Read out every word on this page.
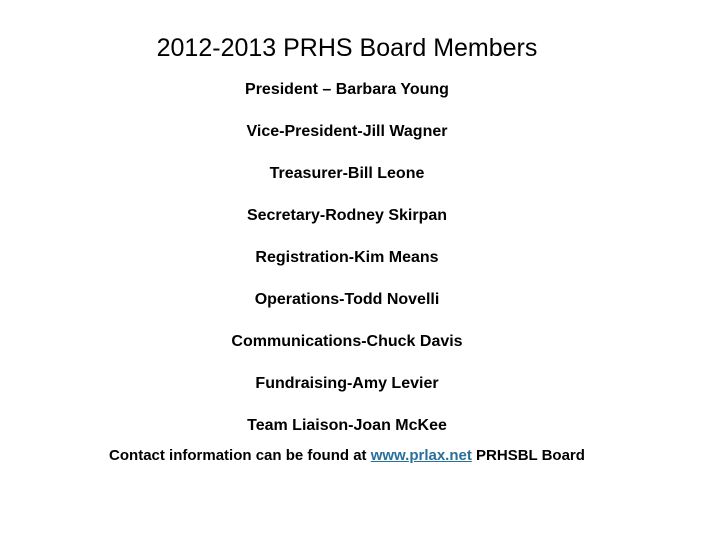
2012-2013 PRHS Board Members
President – Barbara Young
Vice-President-Jill Wagner
Treasurer-Bill Leone
Secretary-Rodney Skirpan
Registration-Kim Means
Operations-Todd Novelli
Communications-Chuck Davis
Fundraising-Amy Levier
Team Liaison-Joan McKee
Contact information can be found at www.prlax.net PRHSBL Board
